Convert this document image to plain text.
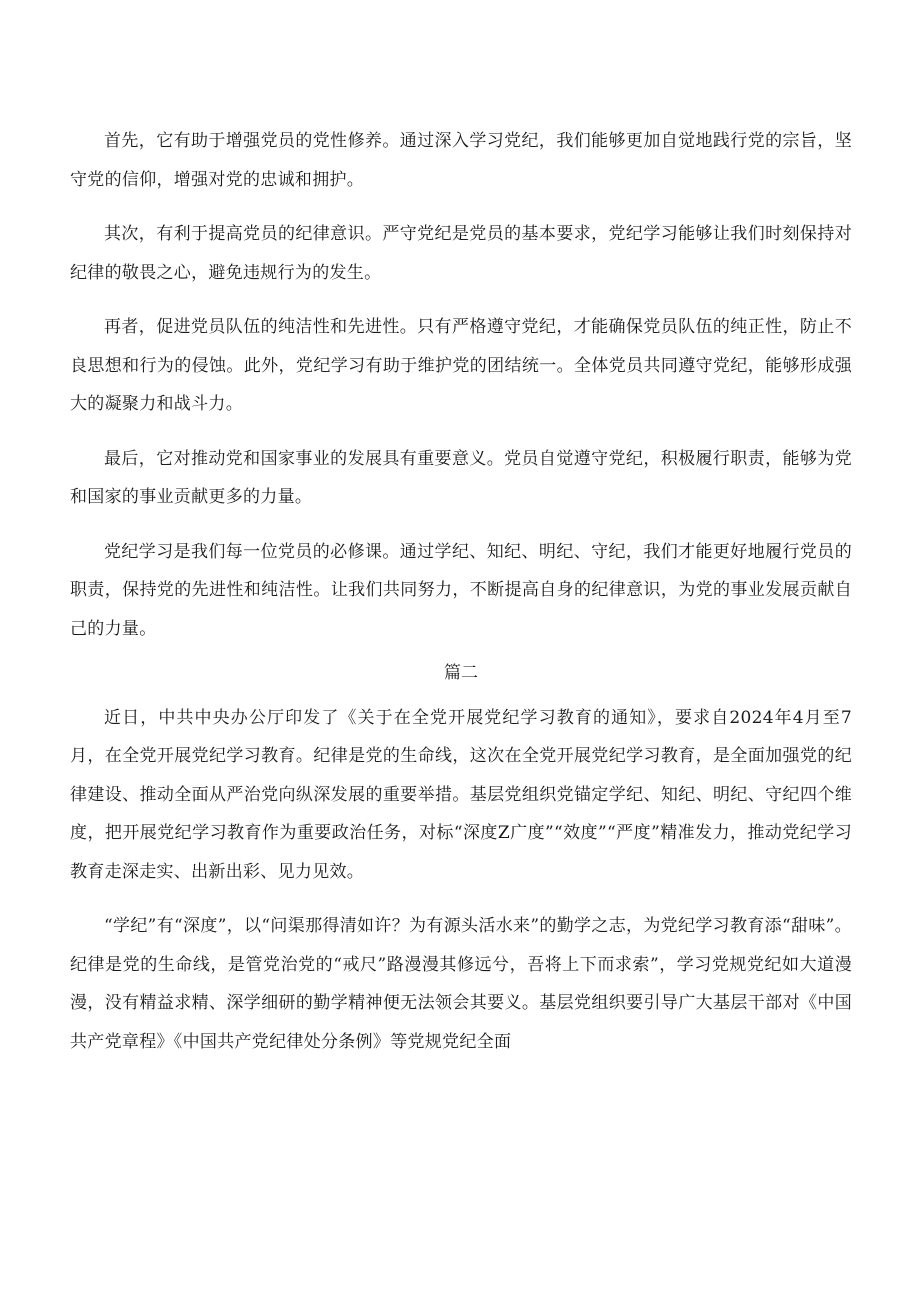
首先，它有助于增强党员的党性修养。通过深入学习党纪，我们能够更加自觉地践行党的宗旨，坚守党的信仰，增强对党的忠诚和拥护。

其次，有利于提高党员的纪律意识。严守党纪是党员的基本要求，党纪学习能够让我们时刻保持对纪律的敬畏之心，避免违规行为的发生。

再者，促进党员队伍的纯洁性和先进性。只有严格遵守党纪，才能确保党员队伍的纯正性，防止不良思想和行为的侵蚀。此外，党纪学习有助于维护党的团结统一。全体党员共同遵守党纪，能够形成强大的凝聚力和战斗力。

最后，它对推动党和国家事业的发展具有重要意义。党员自觉遵守党纪，积极履行职责，能够为党和国家的事业贡献更多的力量。

党纪学习是我们每一位党员的必修课。通过学纪、知纪、明纪、守纪，我们才能更好地履行党员的职责，保持党的先进性和纯洁性。让我们共同努力，不断提高自身的纪律意识，为党的事业发展贡献自己的力量。

篇二

近日，中共中央办公厅印发了《关于在全党开展党纪学习教育的通知》，要求自2024年4月至7月，在全党开展党纪学习教育。纪律是党的生命线，这次在全党开展党纪学习教育，是全面加强党的纪律建设、推动全面从严治党向纵深发展的重要举措。基层党组织党锚定学纪、知纪、明纪、守纪四个维度，把开展党纪学习教育作为重要政治任务，对标“深度Z广度”“效度”“严度”精准发力，推动党纪学习教育走深走实、出新出彩、见力见效。

“学纪”有“深度”，以“问渠那得清如许？为有源头活水来”的勤学之志，为党纪学习教育添“甜味”。纪律是党的生命线，是管党治党的“戒尺”路漫漫其修远兮，吾将上下而求索”，学习党规党纪如大道漫漫，没有精益求精、深学细研的勤学精神便无法领会其要义。基层党组织要引导广大基层干部对《中国共产党章程》《中国共产党纪律处分条例》等党规党纪全面
